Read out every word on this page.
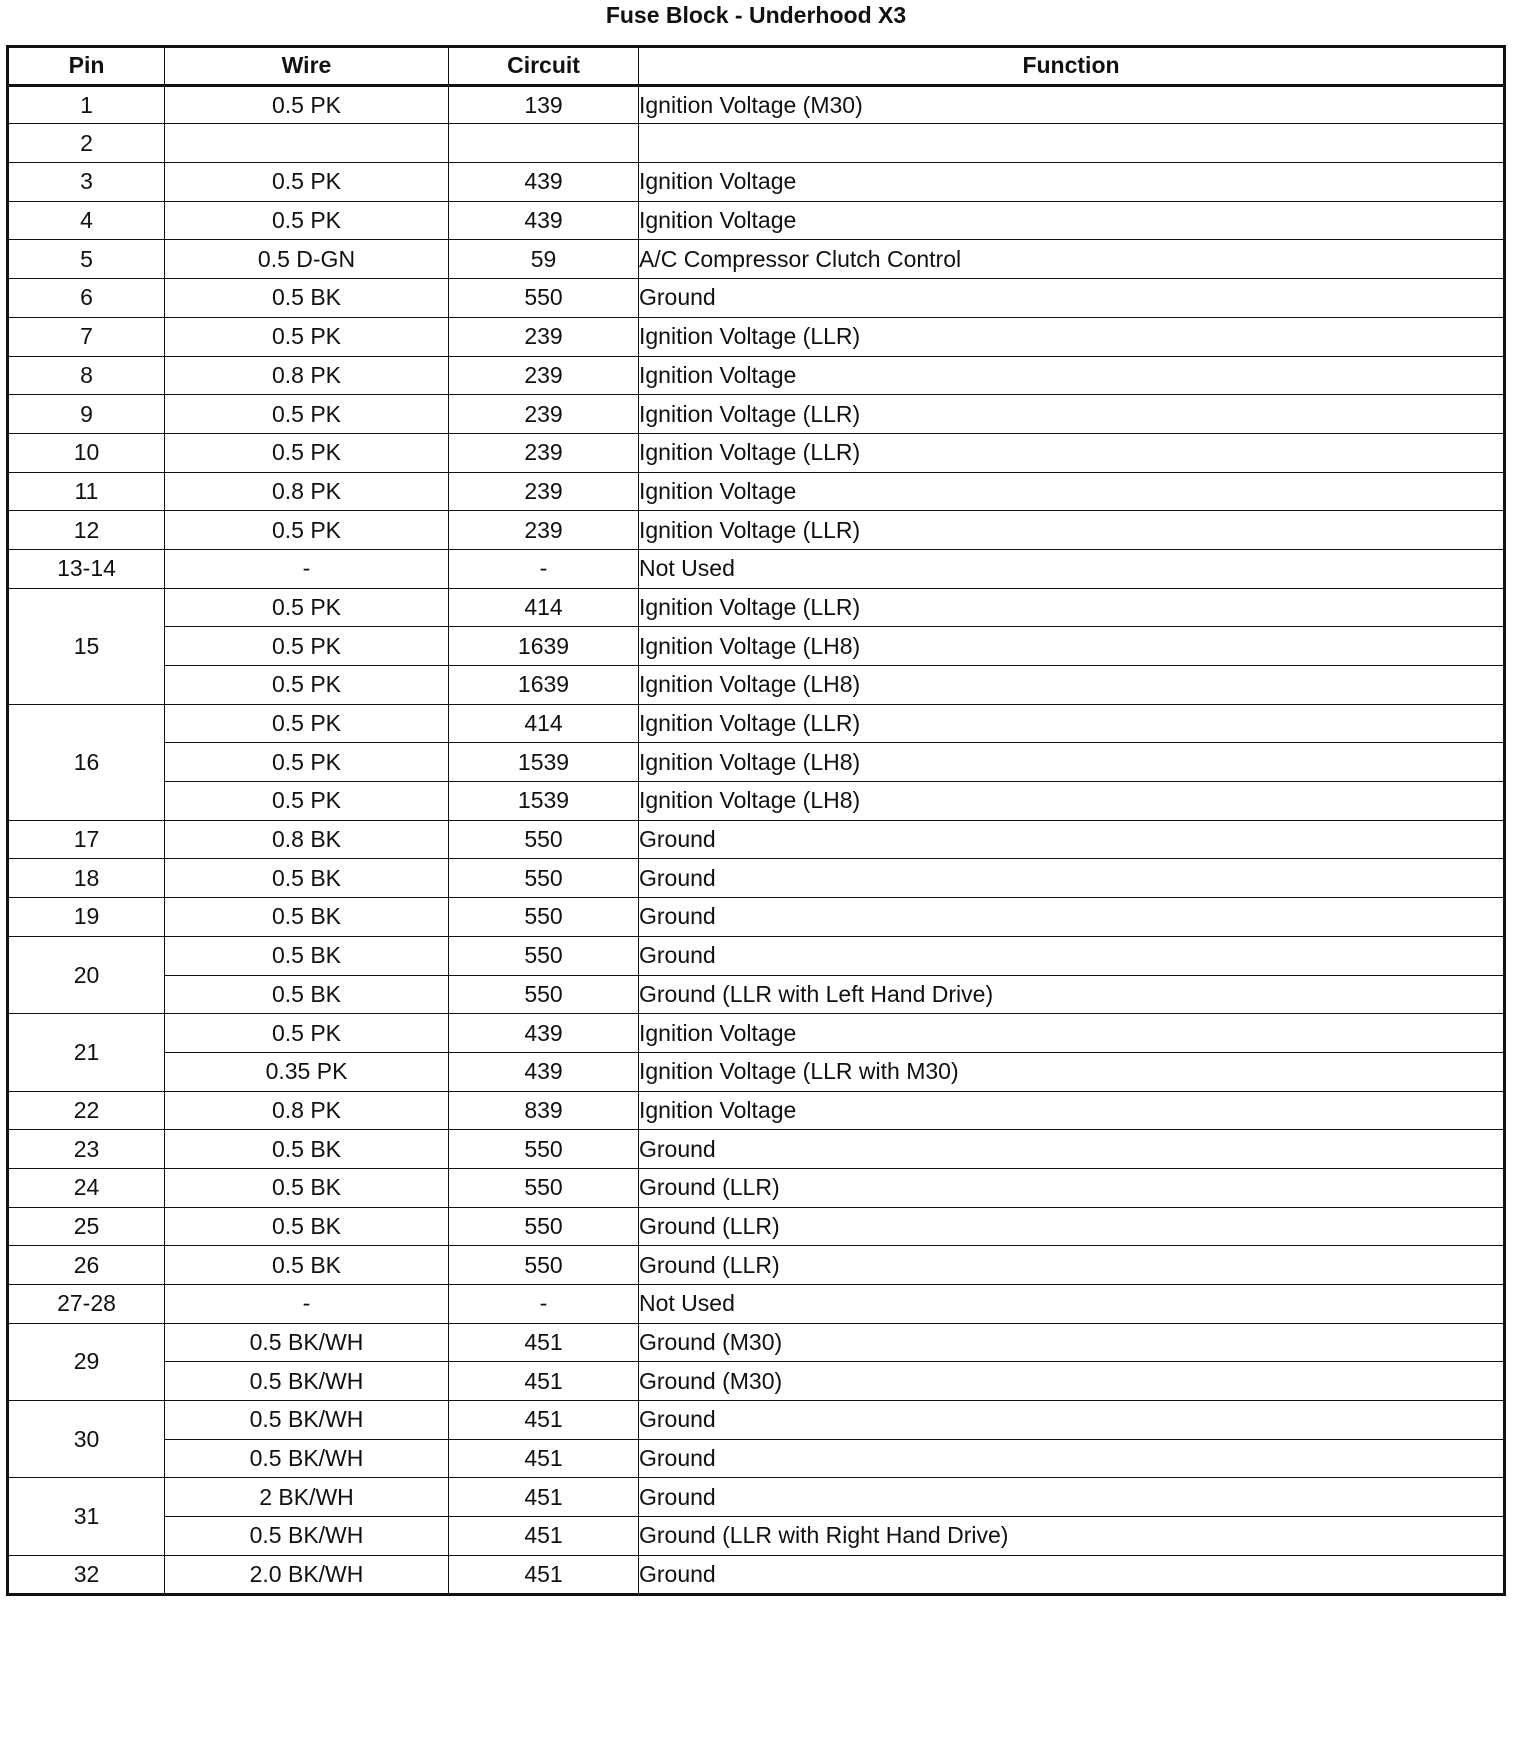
Fuse Block - Underhood X3
Pin	Wire	Circuit	Function
1	0.5 PK	139	Ignition Voltage (M30)
2			
3	0.5 PK	439	Ignition Voltage
4	0.5 PK	439	Ignition Voltage
5	0.5 D-GN	59	A/C Compressor Clutch Control
6	0.5 BK	550	Ground
7	0.5 PK	239	Ignition Voltage (LLR)
8	0.8 PK	239	Ignition Voltage
9	0.5 PK	239	Ignition Voltage (LLR)
10	0.5 PK	239	Ignition Voltage (LLR)
11	0.8 PK	239	Ignition Voltage
12	0.5 PK	239	Ignition Voltage (LLR)
13-14	-	-	Not Used
15	0.5 PK	414	Ignition Voltage (LLR)
	0.5 PK	1639	Ignition Voltage (LH8)
	0.5 PK	1639	Ignition Voltage (LH8)
16	0.5 PK	414	Ignition Voltage (LLR)
	0.5 PK	1539	Ignition Voltage (LH8)
	0.5 PK	1539	Ignition Voltage (LH8)
17	0.8 BK	550	Ground
18	0.5 BK	550	Ground
19	0.5 BK	550	Ground
20	0.5 BK	550	Ground
	0.5 BK	550	Ground (LLR with Left Hand Drive)
21	0.5 PK	439	Ignition Voltage
	0.35 PK	439	Ignition Voltage (LLR with M30)
22	0.8 PK	839	Ignition Voltage
23	0.5 BK	550	Ground
24	0.5 BK	550	Ground (LLR)
25	0.5 BK	550	Ground (LLR)
26	0.5 BK	550	Ground (LLR)
27-28	-	-	Not Used
29	0.5 BK/WH	451	Ground (M30)
	0.5 BK/WH	451	Ground (M30)
30	0.5 BK/WH	451	Ground
	0.5 BK/WH	451	Ground
31	2 BK/WH	451	Ground
	0.5 BK/WH	451	Ground (LLR with Right Hand Drive)
32	2.0 BK/WH	451	Ground
